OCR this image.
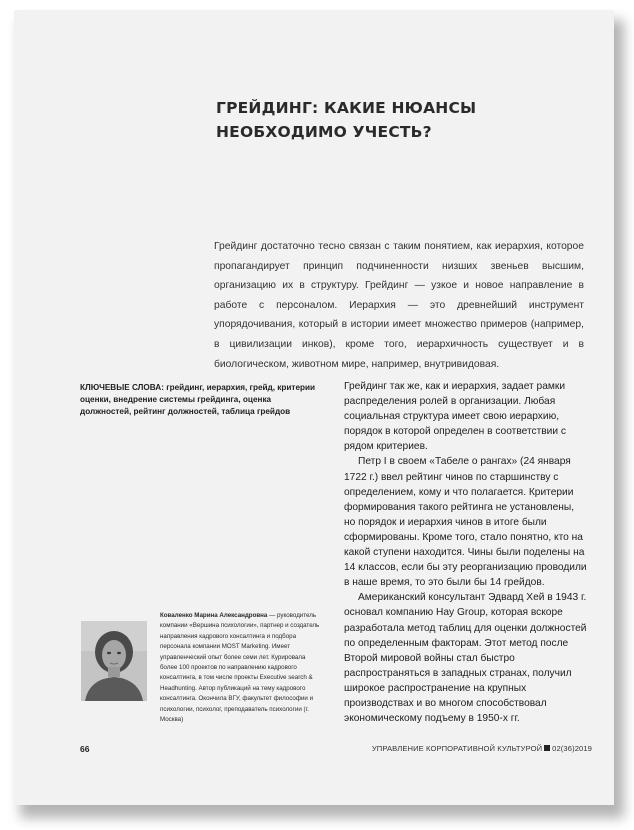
ГРЕЙДИНГ: КАКИЕ НЮАНСЫ НЕОБХОДИМО УЧЕСТЬ?

Грейдинг достаточно тесно связан с таким понятием, как иерархия, которое пропагандирует принцип подчиненности низших звеньев высшим, организацию их в структуру. Грейдинг — узкое и новое направление в работе с персоналом. Иерархия — это древнейший инструмент упорядочивания, который в истории имеет множество примеров (например, в цивилизации инков), кроме того, иерархичность существует и в биологическом, животном мире, например, внутривидовая.

КЛЮЧЕВЫЕ СЛОВА: грейдинг, иерархия, грейд, критерии оценки, внедрение системы грейдинга, оценка должностей, рейтинг должностей, таблица грейдов

Грейдинг так же, как и иерархия, задает рамки распределения ролей в организации. Любая социальная структура имеет свою иерархию, порядок в которой определен в соответствии с рядом критериев.

Петр I в своем «Табеле о рангах» (24 января 1722 г.) ввел рейтинг чинов по старшинству с определением, кому и что полагается. Критерии формирования такого рейтинга не установлены, но порядок и иерархия чинов в итоге были сформированы. Кроме того, стало понятно, кто на какой ступени находится. Чины были поделены на 14 классов, если бы эту реорганизацию проводили в наше время, то это были бы 14 грейдов.

Американский консультант Эдвард Хей в 1943 г. основал компанию Hay Group, которая вскоре разработала метод таблиц для оценки должностей по определенным факторам. Этот метод после Второй мировой войны стал быстро распространяться в западных странах, получил широкое распространение на крупных производствах и во многом способствовал экономическому подъему в 1950-х гг.

Коваленко Марина Александровна — руководитель компании «Вершина психологии», партнер и создатель направления кадрового консалтинга и подбора персонала компании MOST Marketing. Имеет управленческий опыт более семи лет. Курировала более 100 проектов по направлению кадрового консалтинга, в том числе проекты Executive search & Headhunting. Автор публикаций на тему кадрового консалтинга. Окончила ВГУ, факультет философии и психологии, психолог, преподаватель психологии (г. Москва)

66	УПРАВЛЕНИЕ КОРПОРАТИВНОЙ КУЛЬТУРОЙ 02(36)2019
